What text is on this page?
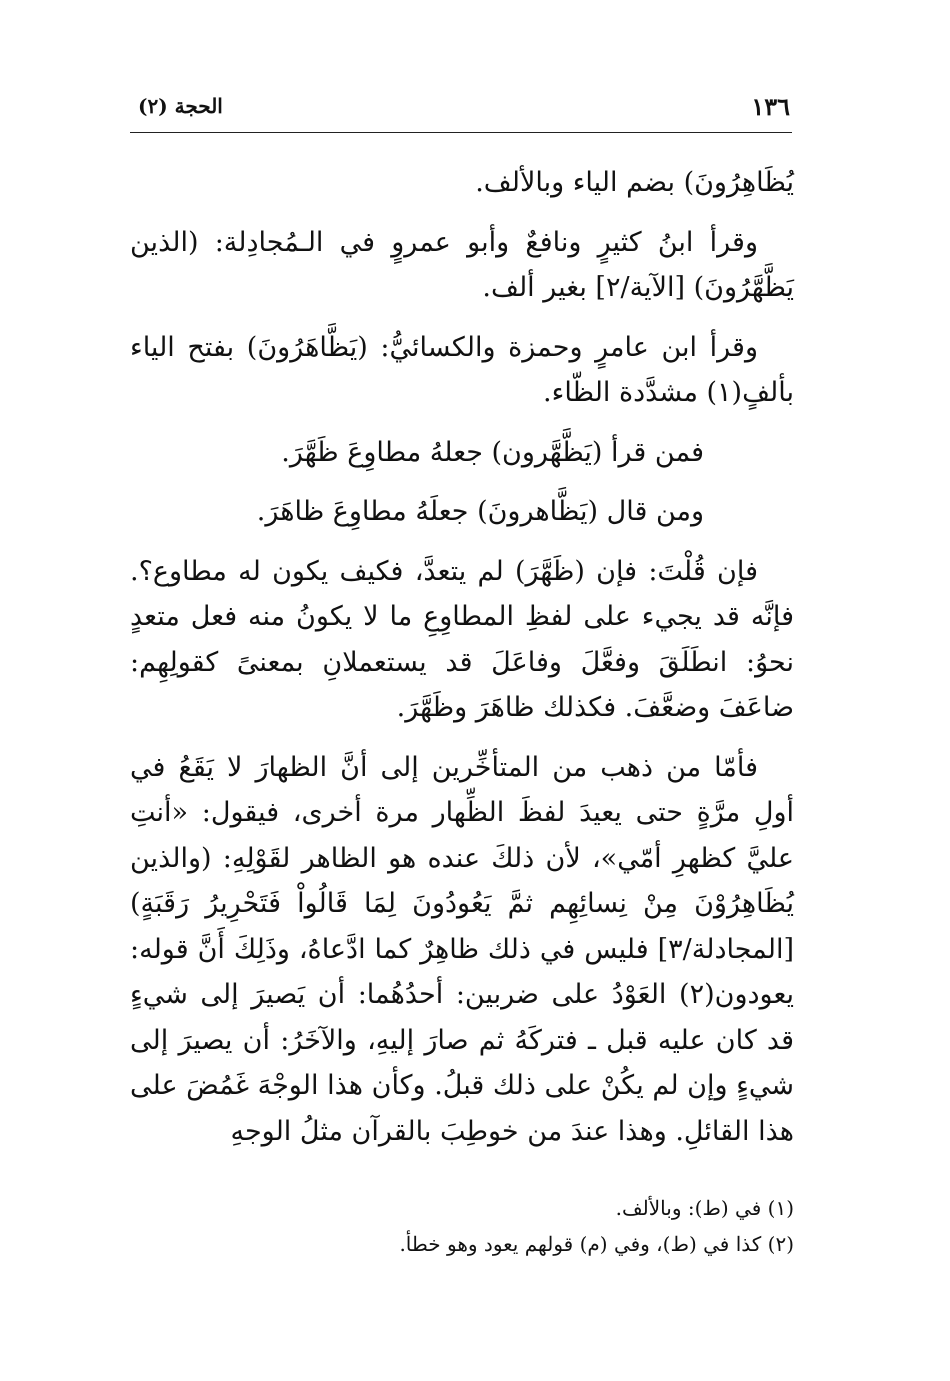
١٣٦
الحجة (٢)

يُظَاهِرُونَ) بضم الياء وبالألف.

وقرأ ابنُ كثيرٍ ونافعٌ وأبو عمروٍ في الـمُجادِلة: (الذين يَظَّهَّرُونَ) [الآية/٢] بغير ألف.

وقرأ ابن عامرٍ وحمزة والكسائيُّ: (يَظَّاهَرُونَ) بفتح الياء بألفٍ(١) مشدَّدة الظّاء.

فمن قرأ (يَظَّهَّرون) جعلهُ مطاوِعَ ظَهَّرَ.

ومن قال (يَظَّاهرونَ) جعلَهُ مطاوِعَ ظاهَرَ.

فإن قُلْتَ: فإن (ظَهَّرَ) لم يتعدَّ، فكيف يكون له مطاوع؟. فإنَّه قد يجيء على لفظِ المطاوِعِ ما لا يكونُ منه فعل متعدٍ نحوُ: انطَلَقَ وفعَّلَ وفاعَلَ قد يستعملانِ بمعنىً كقولِهِم: ضاعَفَ وضعَّفَ. فكذلك ظاهَرَ وظَهَّرَ.

فأمّا من ذهب من المتأخِّرين إلى أنَّ الظهارَ لا يَقَعُ في أولِ مرَّةٍ حتى يعيدَ لفظَ الظِّهار مرة أخرى، فيقول: «أنتِ عليَّ كظهرِ أمّي»، لأن ذلكَ عنده هو الظاهر لقَوْلِهِ: (والذين يُظَاهِرُوْنَ مِنْ نِسائِهِم ثمَّ يَعُودُونَ لِمَا قَالُواْ فَتَحْرِيرُ رَقَبَةٍ) [المجادلة/٣] فليس في ذلك ظاهِرٌ كما ادَّعاهُ، وذَلِكَ أَنَّ قوله: يعودون(٢) العَوْدُ على ضربين: أحدُهُما: أن يَصيرَ إلى شيءٍ قد كان عليه قبل ـ فتركَهُ ثم صارَ إليهِ، والآخَرُ: أن يصيرَ إلى شيءٍ وإن لم يكُنْ على ذلك قبلُ. وكأن هذا الوجْهَ غَمُضَ على هذا القائلِ. وهذا عندَ من خوطِبَ بالقرآن مثلُ الوجهِ

(١) في (ط): وبالألف.

(٢) كذا في (ط)، وفي (م) قولهم يعود وهو خطأ.
